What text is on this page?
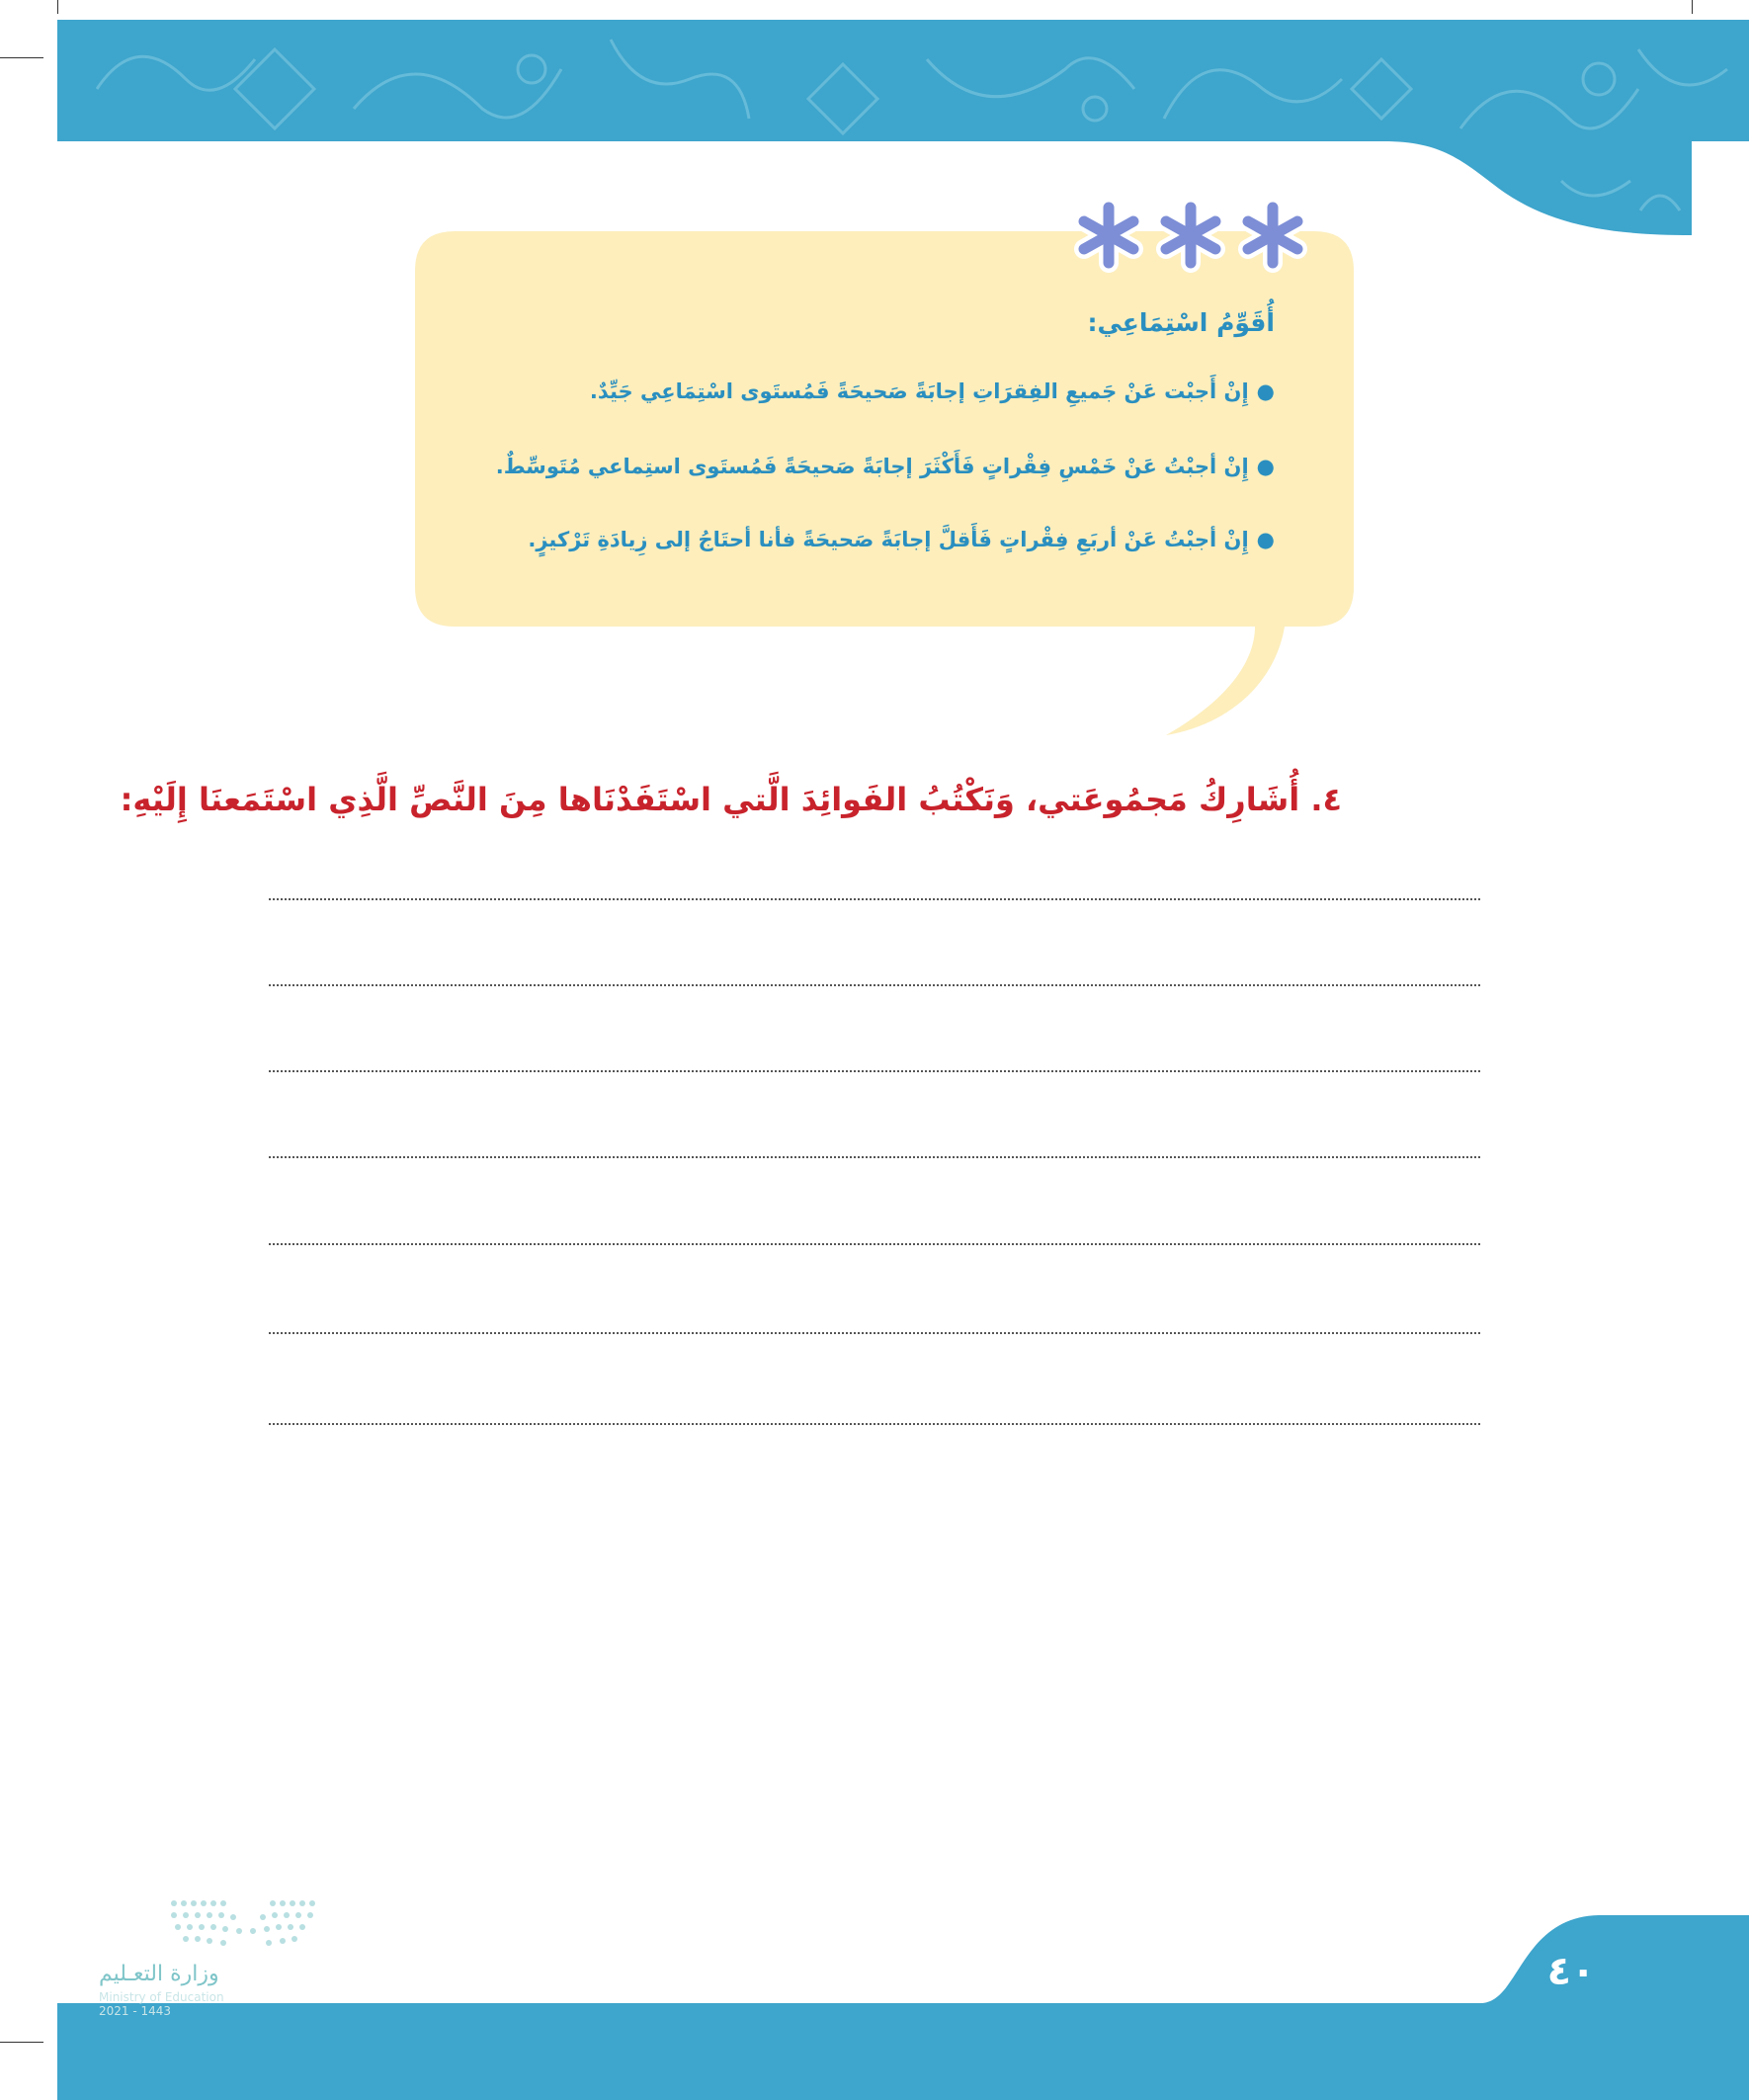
أُقَوِّمُ اسْتِمَاعِي:
●إِنْ أَجبْت عَنْ جَميعِ الفِقرَاتِ إجابَةً صَحيحَةً فَمُستَوى اسْتِمَاعِي جَيِّدٌ.
●إِنْ أجبْتُ عَنْ خَمْسِ فِقْراتٍ فَأَكْثَرَ إجابَةً صَحيحَةً فَمُستَوى استِماعي مُتَوسِّطٌ.
●إِنْ أجبْتُ عَنْ أربَعِ فِقْراتٍ فَأَقلَّ إجابَةً صَحيحَةً فأنا أحتَاجُ إلى زِيادَةِ تَرْكيزٍ.
٤. أُشَارِكُ مَجمُوعَتي، وَنَكْتُبُ الفَوائِدَ الَّتي اسْتَفَدْنَاها مِنَ النَّصِّ الَّذِي اسْتَمَعنَا إِلَيْهِ:
٤٠
وزارة التعـليم
Ministry of Education
2021 - 1443
